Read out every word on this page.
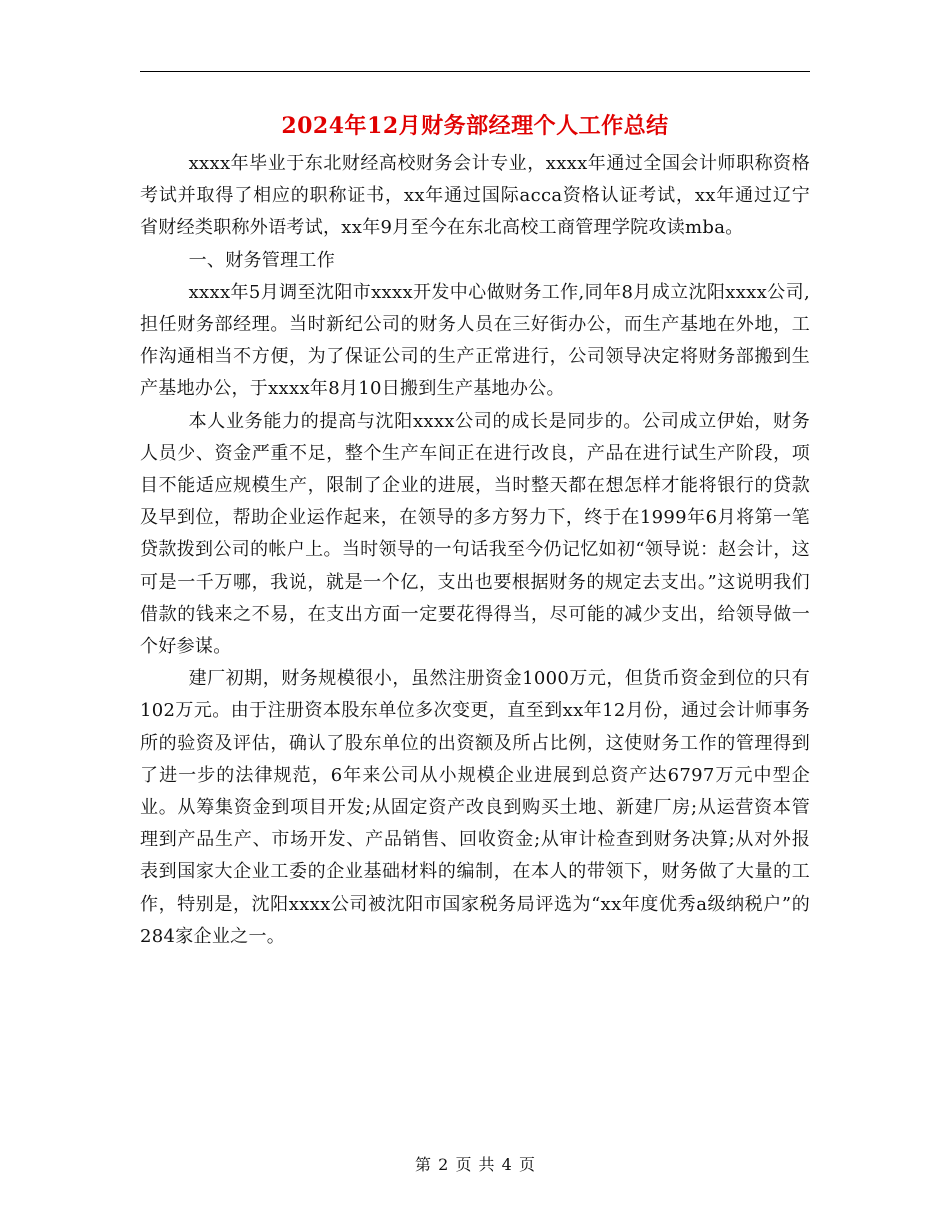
2024年12月财务部经理个人工作总结

xxxx年毕业于东北财经高校财务会计专业，xxxx年通过全国会计师职称资格考试并取得了相应的职称证书，xx年通过国际acca资格认证考试，xx年通过辽宁省财经类职称外语考试，xx年9月至今在东北高校工商管理学院攻读mba。

一、财务管理工作

xxxx年5月调至沈阳市xxxx开发中心做财务工作,同年8月成立沈阳xxxx公司,担任财务部经理。当时新纪公司的财务人员在三好街办公，而生产基地在外地，工作沟通相当不方便，为了保证公司的生产正常进行，公司领导决定将财务部搬到生产基地办公，于xxxx年8月10日搬到生产基地办公。

本人业务能力的提高与沈阳xxxx公司的成长是同步的。公司成立伊始，财务人员少、资金严重不足，整个生产车间正在进行改良，产品在进行试生产阶段，项目不能适应规模生产，限制了企业的进展，当时整天都在想怎样才能将银行的贷款及早到位，帮助企业运作起来，在领导的多方努力下，终于在1999年6月将第一笔贷款拨到公司的帐户上。当时领导的一句话我至今仍记忆如初“领导说：赵会计，这可是一千万哪，我说，就是一个亿，支出也要根据财务的规定去支出。”这说明我们借款的钱来之不易，在支出方面一定要花得得当，尽可能的减少支出，给领导做一个好参谋。

建厂初期，财务规模很小，虽然注册资金1000万元，但货币资金到位的只有102万元。由于注册资本股东单位多次变更，直至到xx年12月份，通过会计师事务所的验资及评估，确认了股东单位的出资额及所占比例，这使财务工作的管理得到了进一步的法律规范，6年来公司从小规模企业进展到总资产达6797万元中型企业。从筹集资金到项目开发;从固定资产改良到购买土地、新建厂房;从运营资本管理到产品生产、市场开发、产品销售、回收资金;从审计检查到财务决算;从对外报表到国家大企业工委的企业基础材料的编制，在本人的带领下，财务做了大量的工作，特别是，沈阳xxxx公司被沈阳市国家税务局评选为“xx年度优秀a级纳税户”的284家企业之一。

第 2 页 共 4 页
